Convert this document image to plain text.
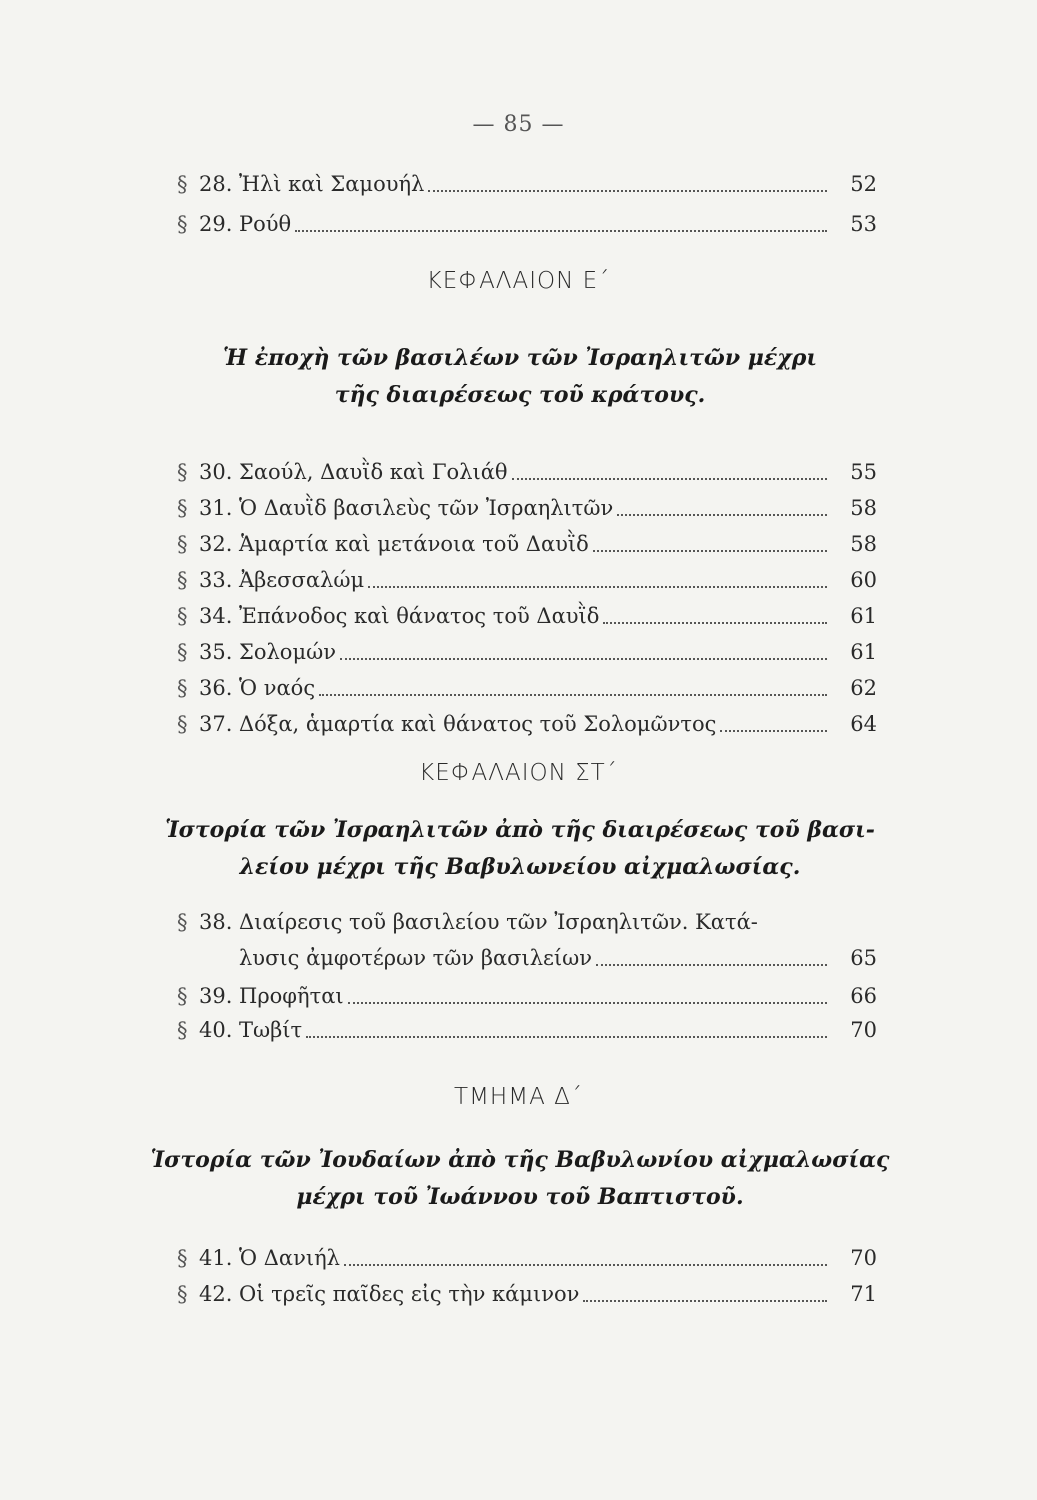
— 85 —
§ 28. Ἠλὶ καὶ Σαμουήλ	52
§ 29. Ρούθ	53
ΚΕΦΑΛΑΙΟΝ Ε΄
Ἡ ἐποχὴ τῶν βασιλέων τῶν Ἰσραηλιτῶν μέχρι
τῆς διαιρέσεως τοῦ κράτους.
§ 30. Σαούλ, Δαυῒδ καὶ Γολιάθ	55
§ 31. Ὁ Δαυῒδ βασιλεὺς τῶν Ἰσραηλιτῶν	58
§ 32. Ἁμαρτία καὶ μετάνοια τοῦ Δαυῒδ	58
§ 33. Ἀβεσσαλώμ	60
§ 34. Ἐπάνοδος καὶ θάνατος τοῦ Δαυῒδ	61
§ 35. Σολομών	61
§ 36. Ὁ ναός	62
§ 37. Δόξα, ἁμαρτία καὶ θάνατος τοῦ Σολομῶντος	64
ΚΕΦΑΛΑΙΟΝ ΣΤ΄
Ἱστορία τῶν Ἰσραηλιτῶν ἀπὸ τῆς διαιρέσεως τοῦ βασι-
λείου μέχρι τῆς Βαβυλωνείου αἰχμαλωσίας.
§ 38. Διαίρεσις τοῦ βασιλείου τῶν Ἰσραηλιτῶν. Κατά-
λυσις ἀμφοτέρων τῶν βασιλείων	65
§ 39. Προφῆται	66
§ 40. Τωβίτ	70
ΤΜΗΜΑ Δ΄
Ἱστορία τῶν Ἰουδαίων ἀπὸ τῆς Βαβυλωνίου αἰχμαλωσίας
μέχρι τοῦ Ἰωάννου τοῦ Βαπτιστοῦ.
§ 41. Ὁ Δανιήλ	70
§ 42. Οἱ τρεῖς παῖδες εἰς τὴν κάμινον	71
